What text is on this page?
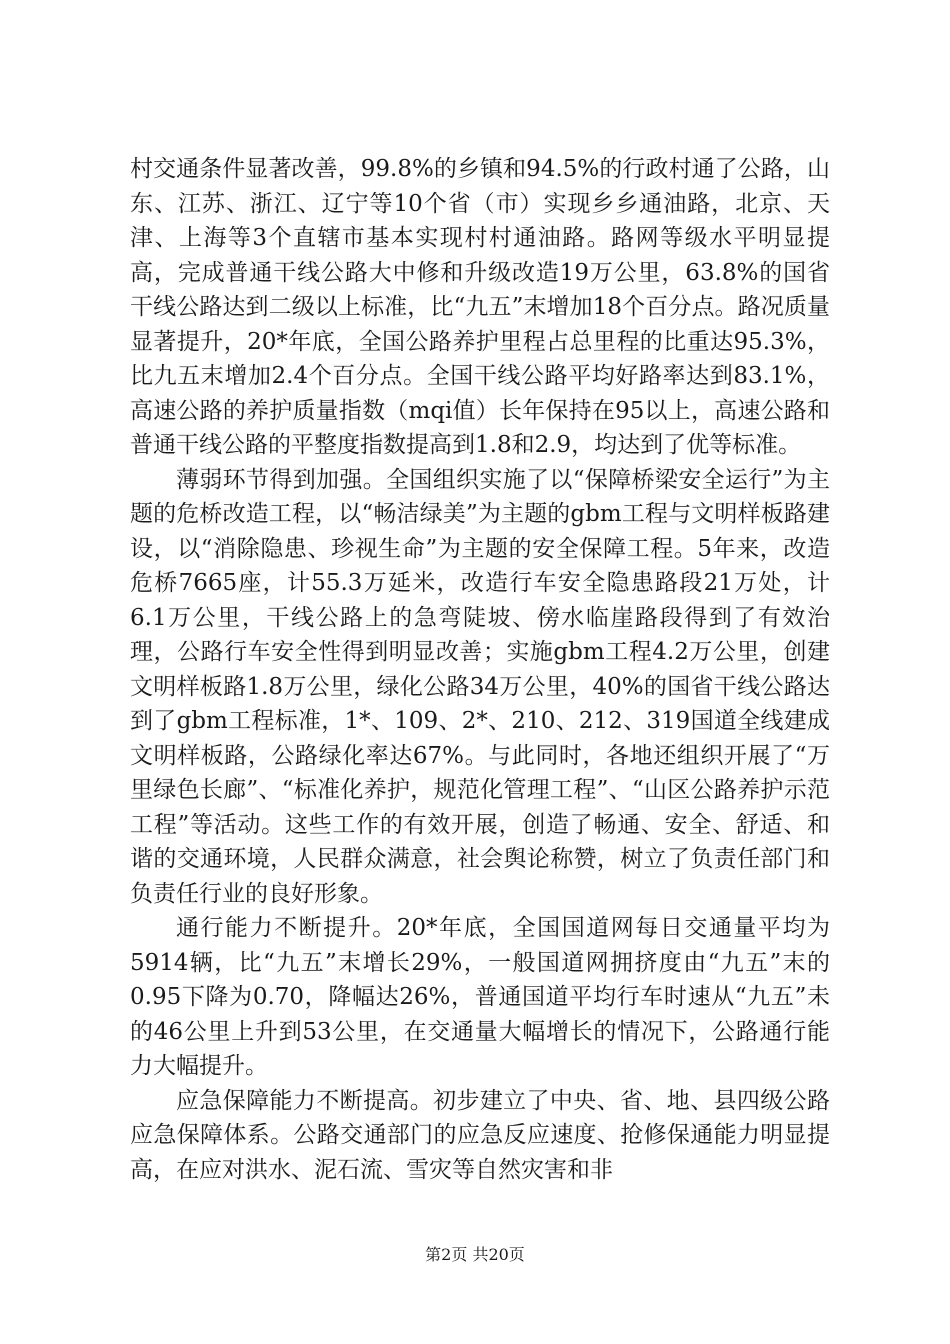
村交通条件显著改善，99.8%的乡镇和94.5%的行政村通了公路，山东、江苏、浙江、辽宁等10个省（市）实现乡乡通油路，北京、天津、上海等3个直辖市基本实现村村通油路。路网等级水平明显提高，完成普通干线公路大中修和升级改造19万公里，63.8%的国省干线公路达到二级以上标准，比“九五”末增加18个百分点。路况质量显著提升，20*年底，全国公路养护里程占总里程的比重达95.3%，比九五末增加2.4个百分点。全国干线公路平均好路率达到83.1%，高速公路的养护质量指数（mqi值）长年保持在95以上，高速公路和普通干线公路的平整度指数提高到1.8和2.9，均达到了优等标准。

薄弱环节得到加强。全国组织实施了以“保障桥梁安全运行”为主题的危桥改造工程，以“畅洁绿美”为主题的gbm工程与文明样板路建设，以“消除隐患、珍视生命”为主题的安全保障工程。5年来，改造危桥7665座，计55.3万延米，改造行车安全隐患路段21万处，计6.1万公里，干线公路上的急弯陡坡、傍水临崖路段得到了有效治理，公路行车安全性得到明显改善；实施gbm工程4.2万公里，创建文明样板路1.8万公里，绿化公路34万公里，40%的国省干线公路达到了gbm工程标准，1*、109、2*、210、212、319国道全线建成文明样板路，公路绿化率达67%。与此同时，各地还组织开展了“万里绿色长廊”、“标准化养护，规范化管理工程”、“山区公路养护示范工程”等活动。这些工作的有效开展，创造了畅通、安全、舒适、和谐的交通环境，人民群众满意，社会舆论称赞，树立了负责任部门和负责任行业的良好形象。

通行能力不断提升。20*年底，全国国道网每日交通量平均为5914辆，比“九五”末增长29%，一般国道网拥挤度由“九五”末的0.95下降为0.70，降幅达26%，普通国道平均行车时速从“九五”未的46公里上升到53公里，在交通量大幅增长的情况下，公路通行能力大幅提升。

应急保障能力不断提高。初步建立了中央、省、地、县四级公路应急保障体系。公路交通部门的应急反应速度、抢修保通能力明显提高，在应对洪水、泥石流、雪灾等自然灾害和非

第2页 共20页
